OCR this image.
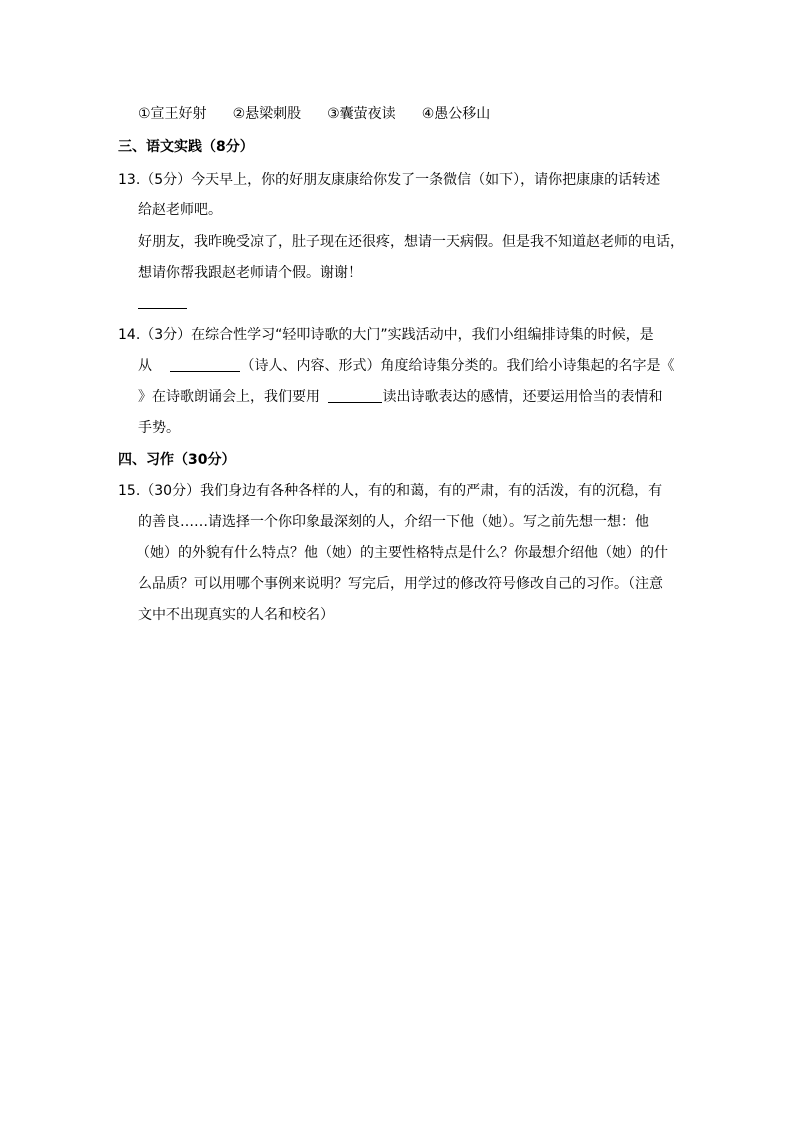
①宣王好射 ②悬梁刺股 ③囊萤夜读 ④愚公移山
三、语文实践（8分）
13.（5分）今天早上，你的好朋友康康给你发了一条微信（如下），请你把康康的话转述
给赵老师吧。
好朋友，我昨晚受凉了，肚子现在还很疼，想请一天病假。但是我不知道赵老师的电话，
想请你帮我跟赵老师请个假。谢谢！
14.（3分）在综合性学习“轻叩诗歌的大门”实践活动中，我们小组编排诗集的时候，是
从	（诗人、内容、形式）角度给诗集分类的。我们给小诗集起的名字是《
》在诗歌朗诵会上，我们要用	读出诗歌表达的感情，还要运用恰当的表情和
手势。
四、习作（30分）
15.（30分）我们身边有各种各样的人，有的和蔼，有的严肃，有的活泼，有的沉稳，有
的善良……请选择一个你印象最深刻的人，介绍一下他（她）。写之前先想一想：他
（她）的外貌有什么特点？他（她）的主要性格特点是什么？你最想介绍他（她）的什
么品质？可以用哪个事例来说明？写完后，用学过的修改符号修改自己的习作。（注意
文中不出现真实的人名和校名）
